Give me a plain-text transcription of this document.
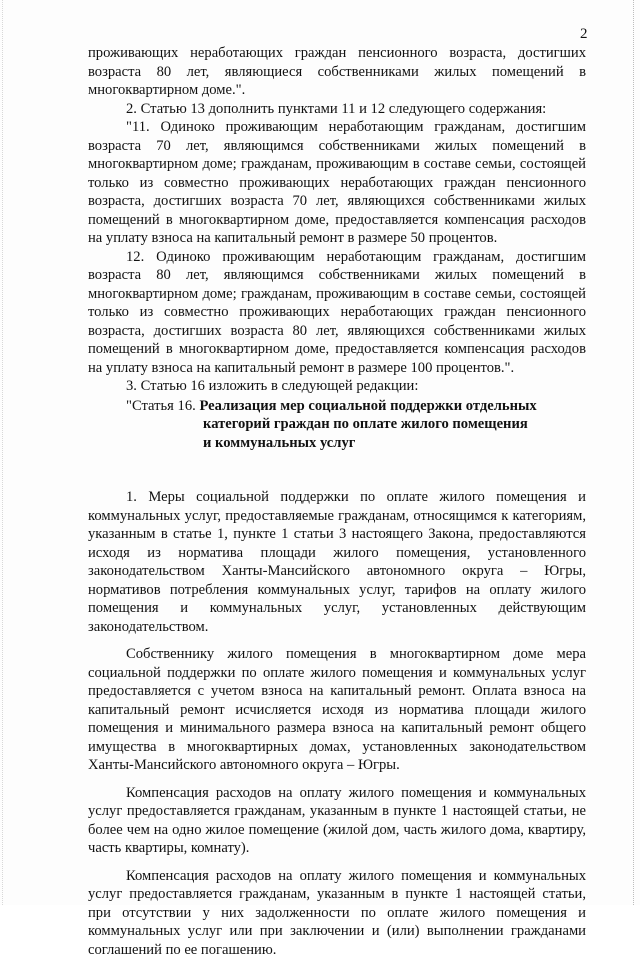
2

проживающих неработающих граждан пенсионного возраста, достигших возраста 80 лет, являющиеся собственниками жилых помещений в многоквартирном доме.".

2. Статью 13 дополнить пунктами 11 и 12 следующего содержания:

"11. Одиноко проживающим неработающим гражданам, достигшим возраста 70 лет, являющимся собственниками жилых помещений в многоквартирном доме; гражданам, проживающим в составе семьи, состоящей только из совместно проживающих неработающих граждан пенсионного возраста, достигших возраста 70 лет, являющихся собственниками жилых помещений в многоквартирном доме, предоставляется компенсация расходов на уплату взноса на капитальный ремонт в размере 50 процентов.

12. Одиноко проживающим неработающим гражданам, достигшим возраста 80 лет, являющимся собственниками жилых помещений в многоквартирном доме; гражданам, проживающим в составе семьи, состоящей только из совместно проживающих неработающих граждан пенсионного возраста, достигших возраста 80 лет, являющихся собственниками жилых помещений в многоквартирном доме, предоставляется компенсация расходов на уплату взноса на капитальный ремонт в размере 100 процентов.".

3. Статью 16 изложить в следующей редакции:

"Статья 16. Реализация мер социальной поддержки отдельных
категорий граждан по оплате жилого помещения
и коммунальных услуг

1. Меры социальной поддержки по оплате жилого помещения и коммунальных услуг, предоставляемые гражданам, относящимся к категориям, указанным в статье 1, пункте 1 статьи 3 настоящего Закона, предоставляются исходя из норматива площади жилого помещения, установленного законодательством Ханты-Мансийского автономного округа – Югры, нормативов потребления коммунальных услуг, тарифов на оплату жилого помещения и коммунальных услуг, установленных действующим законодательством.

Собственнику жилого помещения в многоквартирном доме мера социальной поддержки по оплате жилого помещения и коммунальных услуг предоставляется с учетом взноса на капитальный ремонт. Оплата взноса на капитальный ремонт исчисляется исходя из норматива площади жилого помещения и минимального размера взноса на капитальный ремонт общего имущества в многоквартирных домах, установленных законодательством Ханты-Мансийского автономного округа – Югры.

Компенсация расходов на оплату жилого помещения и коммунальных услуг предоставляется гражданам, указанным в пункте 1 настоящей статьи, не более чем на одно жилое помещение (жилой дом, часть жилого дома, квартиру, часть квартиры, комнату).

Компенсация расходов на оплату жилого помещения и коммунальных услуг предоставляется гражданам, указанным в пункте 1 настоящей статьи, при отсутствии у них задолженности по оплате жилого помещения и коммунальных услуг или при заключении и (или) выполнении гражданами соглашений по ее погашению.
